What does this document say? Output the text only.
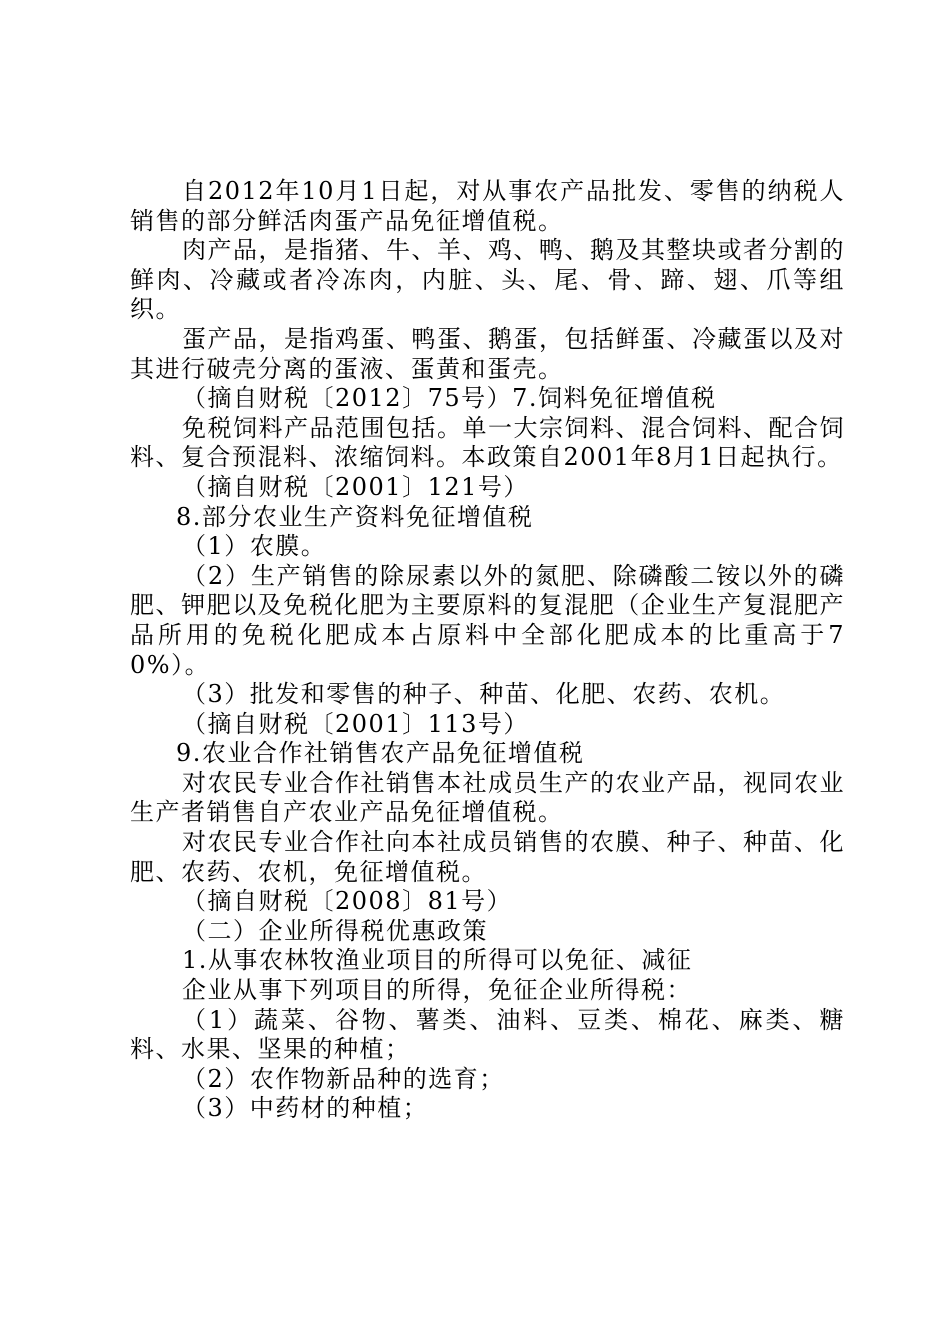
自2012年10月1日起，对从事农产品批发、零售的纳税人销售的部分鲜活肉蛋产品免征增值税。

肉产品，是指猪、牛、羊、鸡、鸭、鹅及其整块或者分割的鲜肉、冷藏或者冷冻肉，内脏、头、尾、骨、蹄、翅、爪等组织。

蛋产品，是指鸡蛋、鸭蛋、鹅蛋，包括鲜蛋、冷藏蛋以及对其进行破壳分离的蛋液、蛋黄和蛋壳。

（摘自财税〔2012〕75号）7.饲料免征增值税

免税饲料产品范围包括。单一大宗饲料、混合饲料、配合饲料、复合预混料、浓缩饲料。本政策自2001年8月1日起执行。

（摘自财税〔2001〕121号）

8.部分农业生产资料免征增值税

（1）农膜。

（2）生产销售的除尿素以外的氮肥、除磷酸二铵以外的磷肥、钾肥以及免税化肥为主要原料的复混肥（企业生产复混肥产品所用的免税化肥成本占原料中全部化肥成本的比重高于70%）。

（3）批发和零售的种子、种苗、化肥、农药、农机。

（摘自财税〔2001〕113号）

9.农业合作社销售农产品免征增值税

对农民专业合作社销售本社成员生产的农业产品，视同农业生产者销售自产农业产品免征增值税。

对农民专业合作社向本社成员销售的农膜、种子、种苗、化肥、农药、农机，免征增值税。

（摘自财税〔2008〕81号）

（二）企业所得税优惠政策

1.从事农林牧渔业项目的所得可以免征、减征

企业从事下列项目的所得，免征企业所得税：

（1）蔬菜、谷物、薯类、油料、豆类、棉花、麻类、糖料、水果、坚果的种植；

（2）农作物新品种的选育；

（3）中药材的种植；
